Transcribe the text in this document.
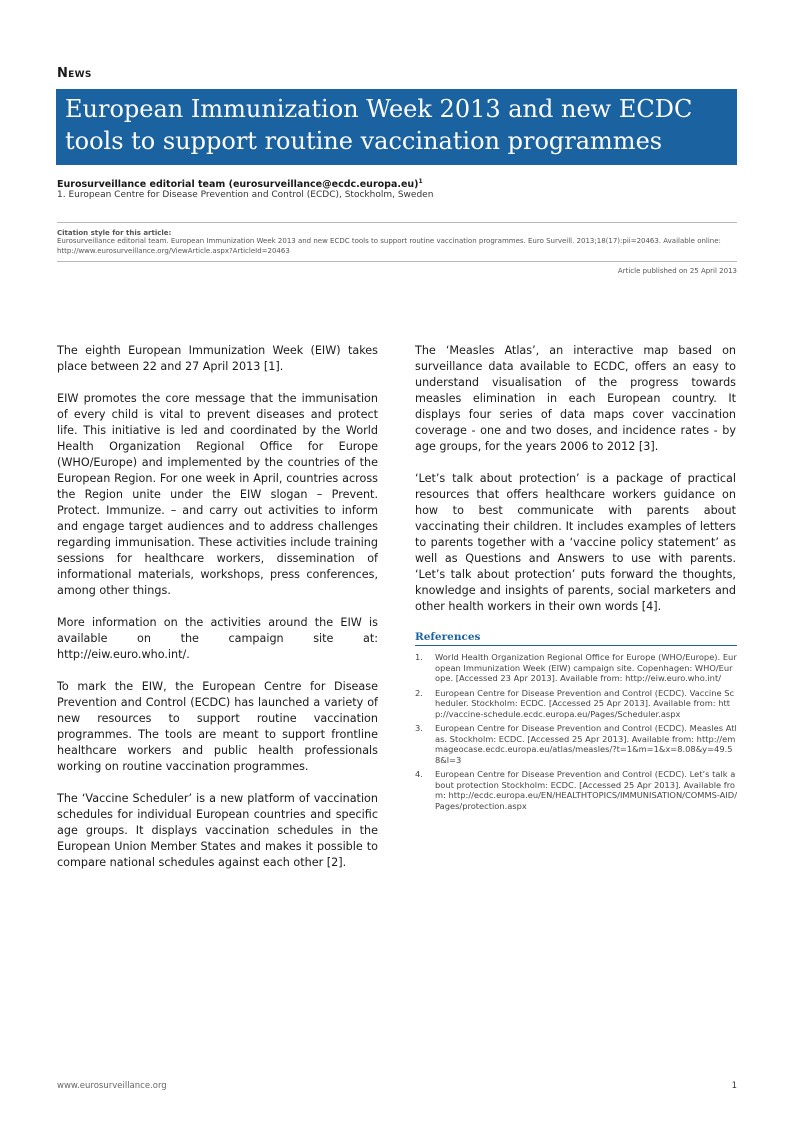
News
European Immunization Week 2013 and new ECDC tools to support routine vaccination programmes
Eurosurveillance editorial team (eurosurveillance@ecdc.europa.eu)$^1$
1. European Centre for Disease Prevention and Control (ECDC), Stockholm, Sweden
Citation style for this article:
Eurosurveillance editorial team. European Immunization Week 2013 and new ECDC tools to support routine vaccination programmes. Euro Surveill. 2013;18(17):pii=20463. Available online: http://www.eurosurveillance.org/ViewArticle.aspx?ArticleId=20463
Article published on 25 April 2013

The eighth European Immunization Week (EIW) takes place between 22 and 27 April 2013 [1].

EIW promotes the core message that the immunisation of every child is vital to prevent diseases and protect life. This initiative is led and coordinated by the World Health Organization Regional Office for Europe (WHO/Europe) and implemented by the countries of the European Region. For one week in April, countries across the Region unite under the EIW slogan – Prevent. Protect. Immunize. – and carry out activities to inform and engage target audiences and to address challenges regarding immunisation. These activities include training sessions for healthcare workers, dissemination of informational materials, workshops, press conferences, among other things.

More information on the activities around the EIW is available on the campaign site at: http://eiw.euro.who.int/.

To mark the EIW, the European Centre for Disease Prevention and Control (ECDC) has launched a variety of new resources to support routine vaccination programmes. The tools are meant to support frontline healthcare workers and public health professionals working on routine vaccination programmes.

The ‘Vaccine Scheduler’ is a new platform of vaccination schedules for individual European countries and specific age groups. It displays vaccination schedules in the European Union Member States and makes it possible to compare national schedules against each other [2].

The ‘Measles Atlas’, an interactive map based on surveillance data available to ECDC, offers an easy to understand visualisation of the progress towards measles elimination in each European country. It displays four series of data maps cover vaccination coverage - one and two doses, and incidence rates - by age groups, for the years 2006 to 2012 [3].

‘Let’s talk about protection’ is a package of practical resources that offers healthcare workers guidance on how to best communicate with parents about vaccinating their children. It includes examples of letters to parents together with a ‘vaccine policy statement’ as well as Questions and Answers to use with parents. ‘Let’s talk about protection’ puts forward the thoughts, knowledge and insights of parents, social marketers and other health workers in their own words [4].

References
1. World Health Organization Regional Office for Europe (WHO/Europe). European Immunization Week (EIW) campaign site. Copenhagen: WHO/Europe. [Accessed 23 Apr 2013]. Available from: http://eiw.euro.who.int/
2. European Centre for Disease Prevention and Control (ECDC). Vaccine Scheduler. Stockholm: ECDC. [Accessed 25 Apr 2013]. Available from: http://vaccine-schedule.ecdc.europa.eu/Pages/Scheduler.aspx
3. European Centre for Disease Prevention and Control (ECDC). Measles Atlas. Stockholm: ECDC. [Accessed 25 Apr 2013]. Available from: http://emmageocase.ecdc.europa.eu/atlas/measles/?t=1&m=1&x=8.08&y=49.58&l=3
4. European Centre for Disease Prevention and Control (ECDC). Let’s talk about protection Stockholm: ECDC. [Accessed 25 Apr 2013]. Available from: http://ecdc.europa.eu/EN/HEALTHTOPICS/IMMUNISATION/COMMS-AID/Pages/protection.aspx
www.eurosurveillance.org	1
